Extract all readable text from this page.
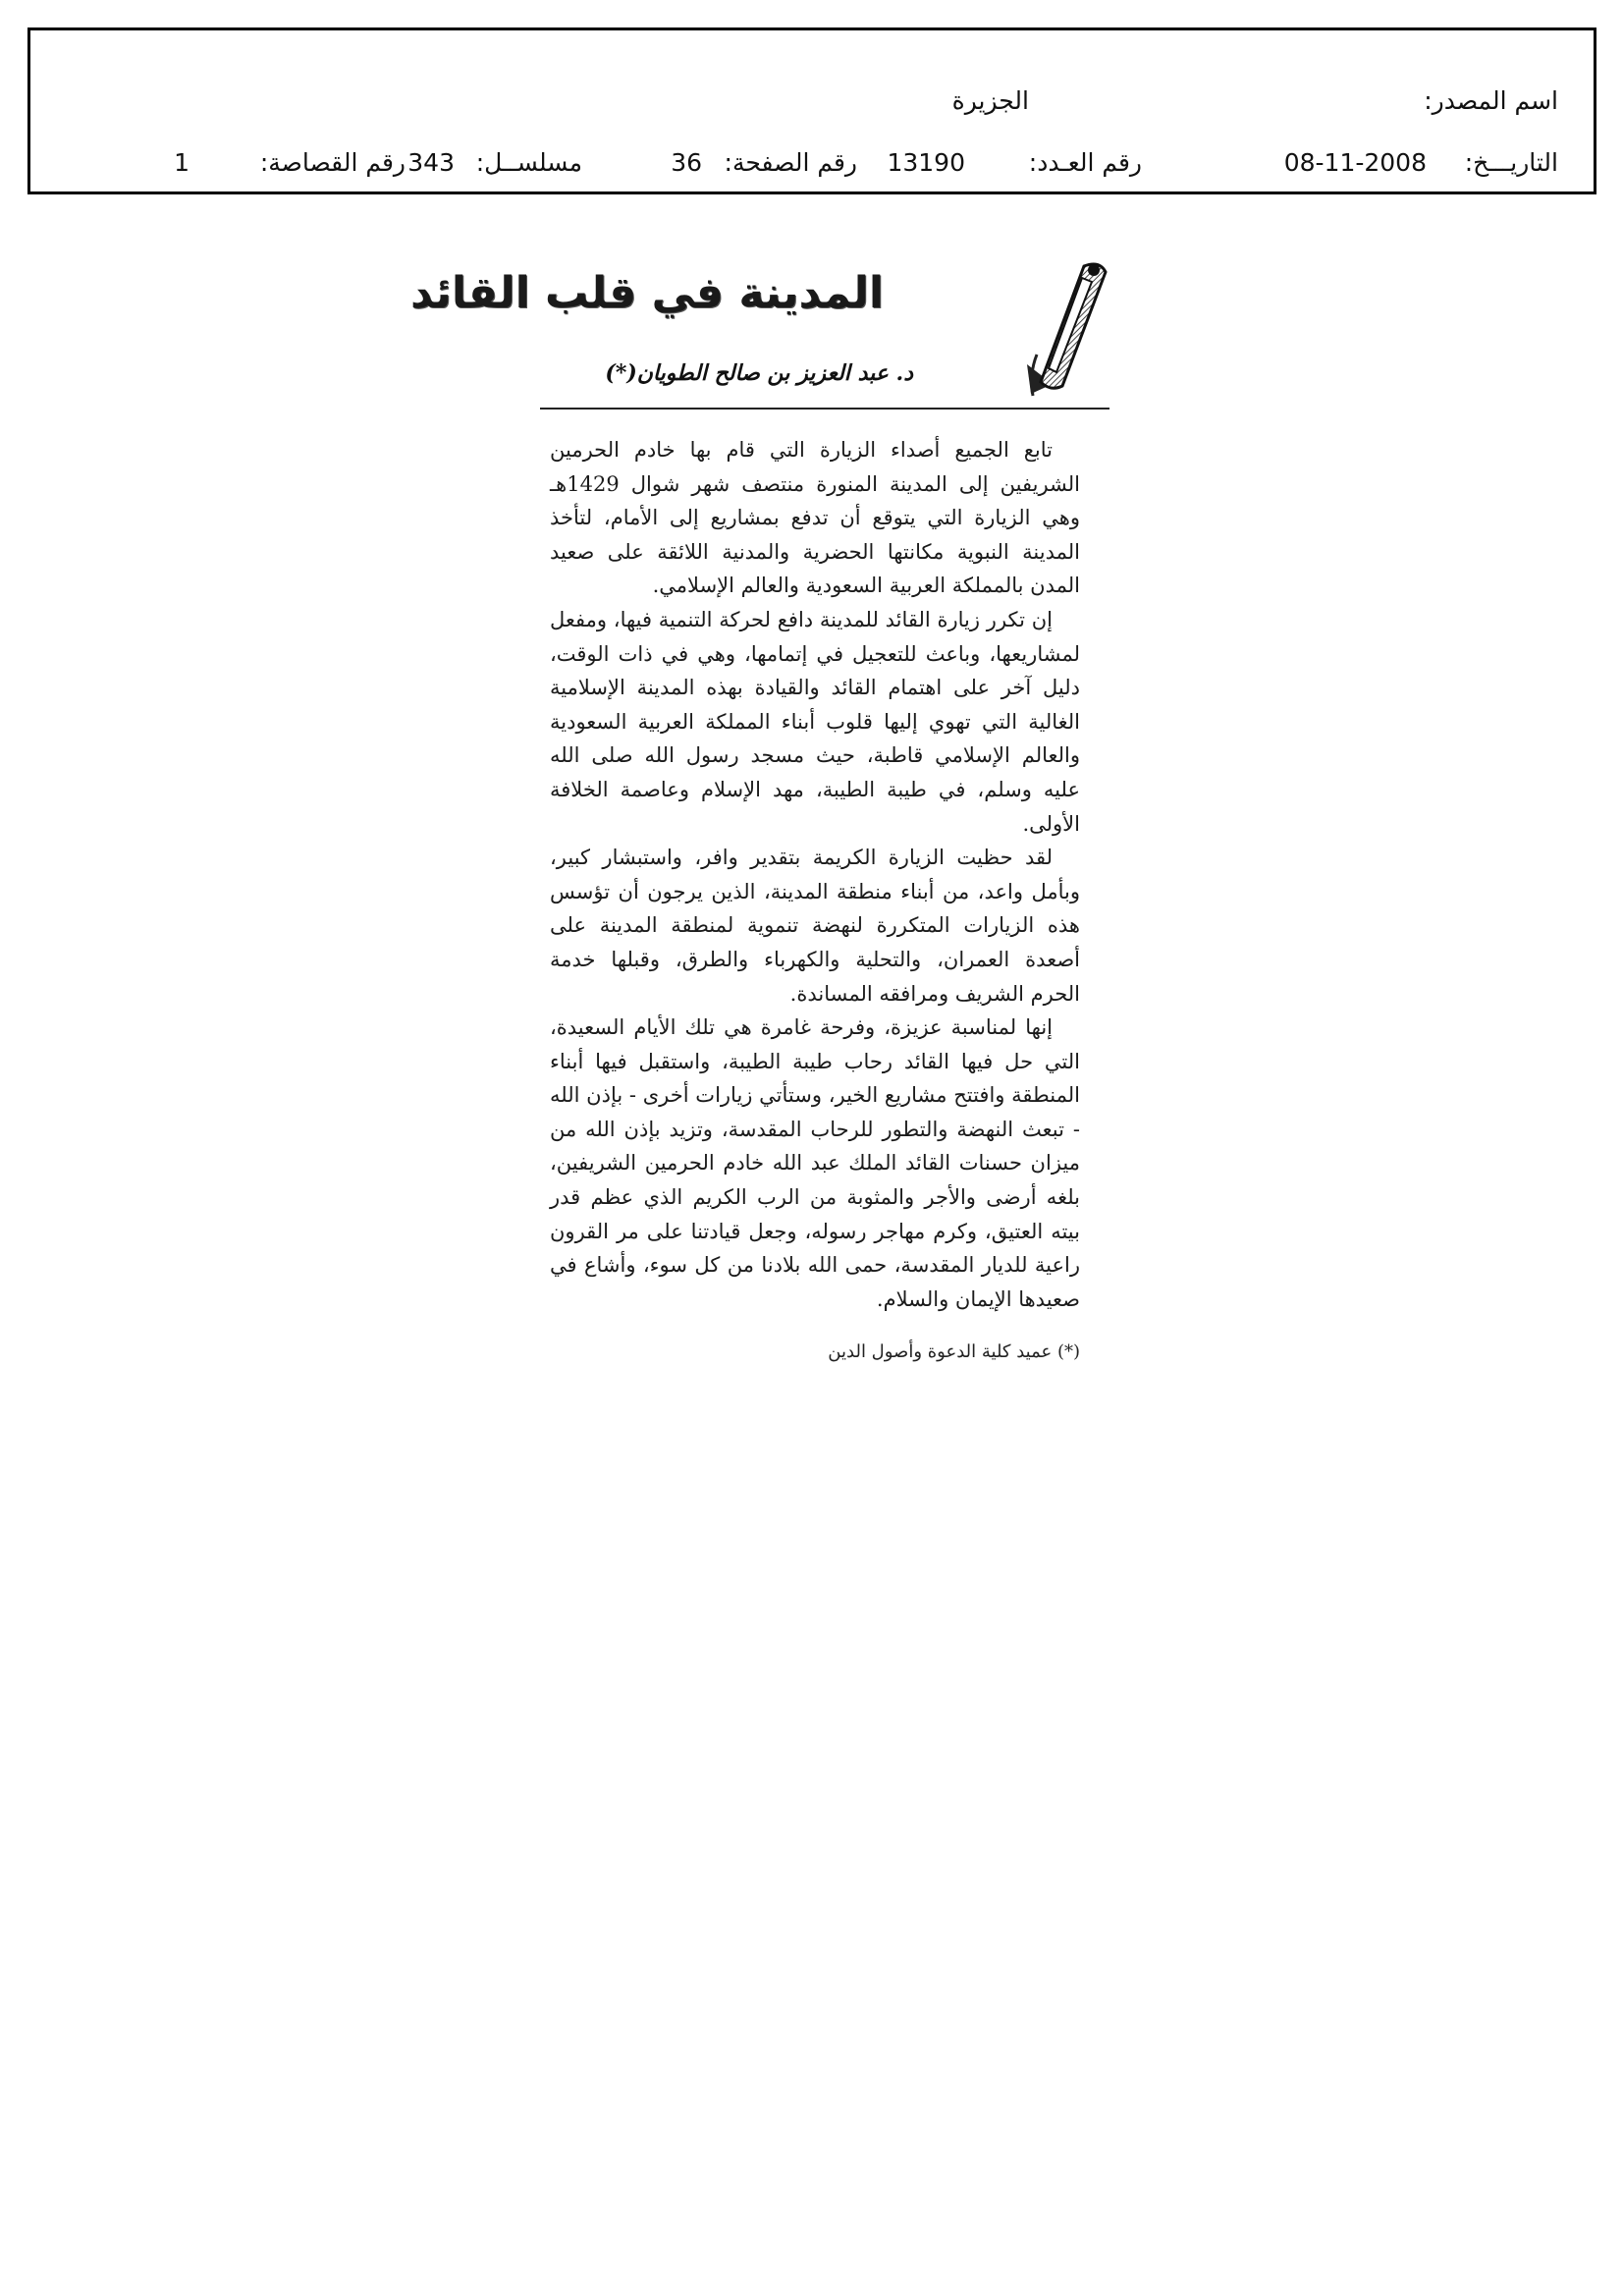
اسم المصدر:
الجزيرة
التاريـــخ:
08-11-2008
رقم العـدد:
13190
رقم الصفحة:
36
مسلســل:
343
رقم القصاصة:
1
المدينة في قلب القائد
د. عبد العزيز بن صالح الطويان(*)

تابع الجميع أصداء الزيارة التي قام بها خادم الحرمين الشريفين إلى المدينة المنورة منتصف شهر شوال 1429هـ وهي الزيارة التي يتوقع أن تدفع بمشاريع إلى الأمام، لتأخذ المدينة النبوية مكانتها الحضرية والمدنية اللائقة على صعيد المدن بالمملكة العربية السعودية والعالم الإسلامي.

إن تكرر زيارة القائد للمدينة دافع لحركة التنمية فيها، ومفعل لمشاريعها، وباعث للتعجيل في إتمامها، وهي في ذات الوقت، دليل آخر على اهتمام القائد والقيادة بهذه المدينة الإسلامية الغالية التي تهوي إليها قلوب أبناء المملكة العربية السعودية والعالم الإسلامي قاطبة، حيث مسجد رسول الله صلى الله عليه وسلم، في طيبة الطيبة، مهد الإسلام وعاصمة الخلافة الأولى.

لقد حظيت الزيارة الكريمة بتقدير وافر، واستبشار كبير، وبأمل واعد، من أبناء منطقة المدينة، الذين يرجون أن تؤسس هذه الزيارات المتكررة لنهضة تنموية لمنطقة المدينة على أصعدة العمران، والتحلية والكهرباء والطرق، وقبلها خدمة الحرم الشريف ومرافقه المساندة.

إنها لمناسبة عزيزة، وفرحة غامرة هي تلك الأيام السعيدة، التي حل فيها القائد رحاب طيبة الطيبة، واستقبل فيها أبناء المنطقة وافتتح مشاريع الخير، وستأتي زيارات أخرى - بإذن الله - تبعث النهضة والتطور للرحاب المقدسة، وتزيد بإذن الله من ميزان حسنات القائد الملك عبد الله خادم الحرمين الشريفين، بلغه أرضى والأجر والمثوبة من الرب الكريم الذي عظم قدر بيته العتيق، وكرم مهاجر رسوله، وجعل قيادتنا على مر القرون راعية للديار المقدسة، حمى الله بلادنا من كل سوء، وأشاع في صعيدها الإيمان والسلام.

(*) عميد كلية الدعوة وأصول الدين
